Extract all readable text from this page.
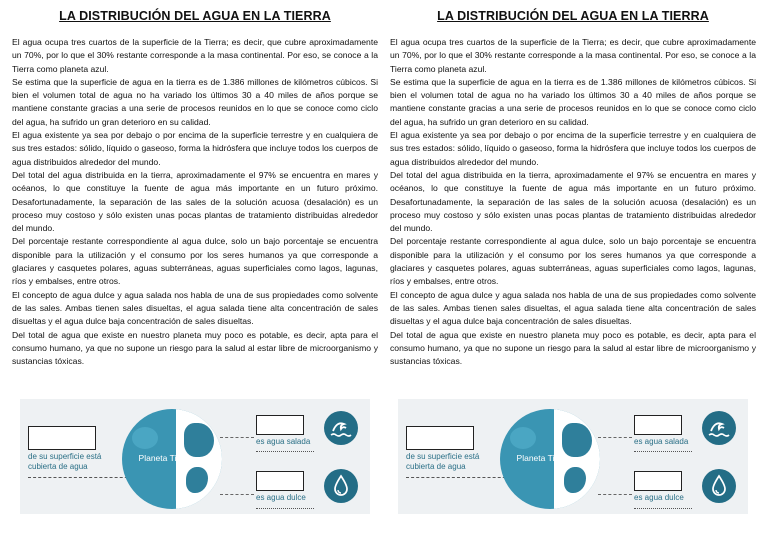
LA DISTRIBUCIÓN DEL AGUA EN LA TIERRA

El agua ocupa tres cuartos de la superficie de la Tierra; es decir, que cubre aproximadamente un 70%, por lo que el 30% restante corresponde a la masa continental. Por eso, se conoce a la Tierra como planeta azul.

Se estima que la superficie de agua en la tierra es de 1.386 millones de kilómetros cúbicos. Si bien el volumen total de agua no ha variado los últimos 30 a 40 miles de años porque se mantiene constante gracias a una serie de procesos reunidos en lo que se conoce como ciclo del agua, ha sufrido un gran deterioro en su calidad.

El agua existente ya sea por debajo o por encima de la superficie terrestre y en cualquiera de sus tres estados: sólido, líquido o gaseoso, forma la hidrósfera que incluye todos los cuerpos de agua distribuidos alrededor del mundo.

Del total del agua distribuida en la tierra, aproximadamente el 97% se encuentra en mares y océanos, lo que constituye la fuente de agua más importante en un futuro próximo. Desafortunadamente, la separación de las sales de la solución acuosa (desalación) es un proceso muy costoso y sólo existen unas pocas plantas de tratamiento distribuidas alrededor del mundo.

Del porcentaje restante correspondiente al agua dulce, solo un bajo porcentaje se encuentra disponible para la utilización y el consumo por los seres humanos ya que corresponde a glaciares y casquetes polares, aguas subterráneas, aguas superficiales como lagos, lagunas, ríos y embalses, entre otros.

El concepto de agua dulce y agua salada nos habla de una de sus propiedades como solvente de las sales. Ambas tienen sales disueltas, el agua salada tiene alta concentración de sales disueltas y el agua dulce baja concentración de sales disueltas.

Del total de agua que existe en nuestro planeta muy poco es potable, es decir, apta para el consumo humano, ya que no supone un riesgo para la salud al estar libre de microorganismo y sustancias tóxicas.

de su superficie está cubierta de agua
Planeta Tierra
es agua salada
es agua dulce
LA DISTRIBUCIÓN DEL AGUA EN LA TIERRA

El agua ocupa tres cuartos de la superficie de la Tierra; es decir, que cubre aproximadamente un 70%, por lo que el 30% restante corresponde a la masa continental. Por eso, se conoce a la Tierra como planeta azul.

Se estima que la superficie de agua en la tierra es de 1.386 millones de kilómetros cúbicos. Si bien el volumen total de agua no ha variado los últimos 30 a 40 miles de años porque se mantiene constante gracias a una serie de procesos reunidos en lo que se conoce como ciclo del agua, ha sufrido un gran deterioro en su calidad.

El agua existente ya sea por debajo o por encima de la superficie terrestre y en cualquiera de sus tres estados: sólido, líquido o gaseoso, forma la hidrósfera que incluye todos los cuerpos de agua distribuidos alrededor del mundo.

Del total del agua distribuida en la tierra, aproximadamente el 97% se encuentra en mares y océanos, lo que constituye la fuente de agua más importante en un futuro próximo. Desafortunadamente, la separación de las sales de la solución acuosa (desalación) es un proceso muy costoso y sólo existen unas pocas plantas de tratamiento distribuidas alrededor del mundo.

Del porcentaje restante correspondiente al agua dulce, solo un bajo porcentaje se encuentra disponible para la utilización y el consumo por los seres humanos ya que corresponde a glaciares y casquetes polares, aguas subterráneas, aguas superficiales como lagos, lagunas, ríos y embalses, entre otros.

El concepto de agua dulce y agua salada nos habla de una de sus propiedades como solvente de las sales. Ambas tienen sales disueltas, el agua salada tiene alta concentración de sales disueltas y el agua dulce baja concentración de sales disueltas.

Del total de agua que existe en nuestro planeta muy poco es potable, es decir, apta para el consumo humano, ya que no supone un riesgo para la salud al estar libre de microorganismo y sustancias tóxicas.

de su superficie está cubierta de agua
Planeta Tierra
es agua salada
es agua dulce
